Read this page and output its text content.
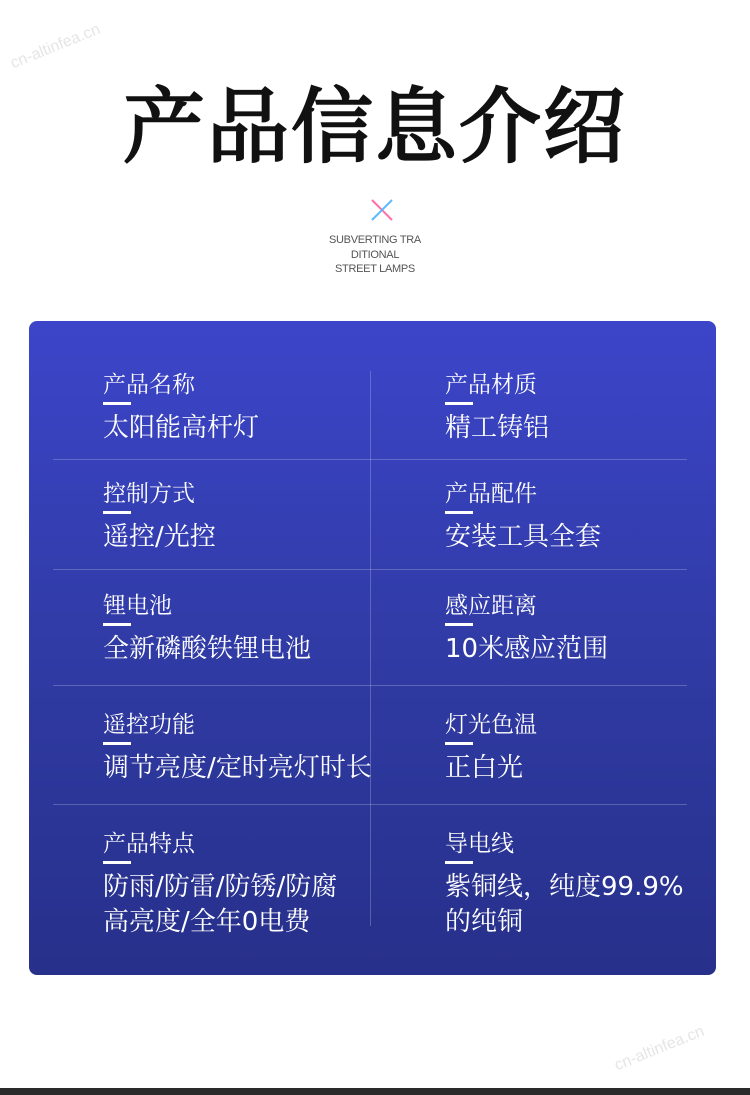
cn-altinfea.cn
cn-altinfea.cn
产品信息介绍
SUBVERTING TRA
DITIONAL
STREET LAMPS
产品名称
太阳能高杆灯
产品材质
精工铸铝
控制方式
遥控/光控
产品配件
安装工具全套
锂电池
全新磷酸铁锂电池
感应距离
10米感应范围
遥控功能
调节亮度/定时亮灯时长
灯光色温
正白光
产品特点
防雨/防雷/防锈/防腐
高亮度/全年0电费
导电线
紫铜线，纯度99.9%
的纯铜
